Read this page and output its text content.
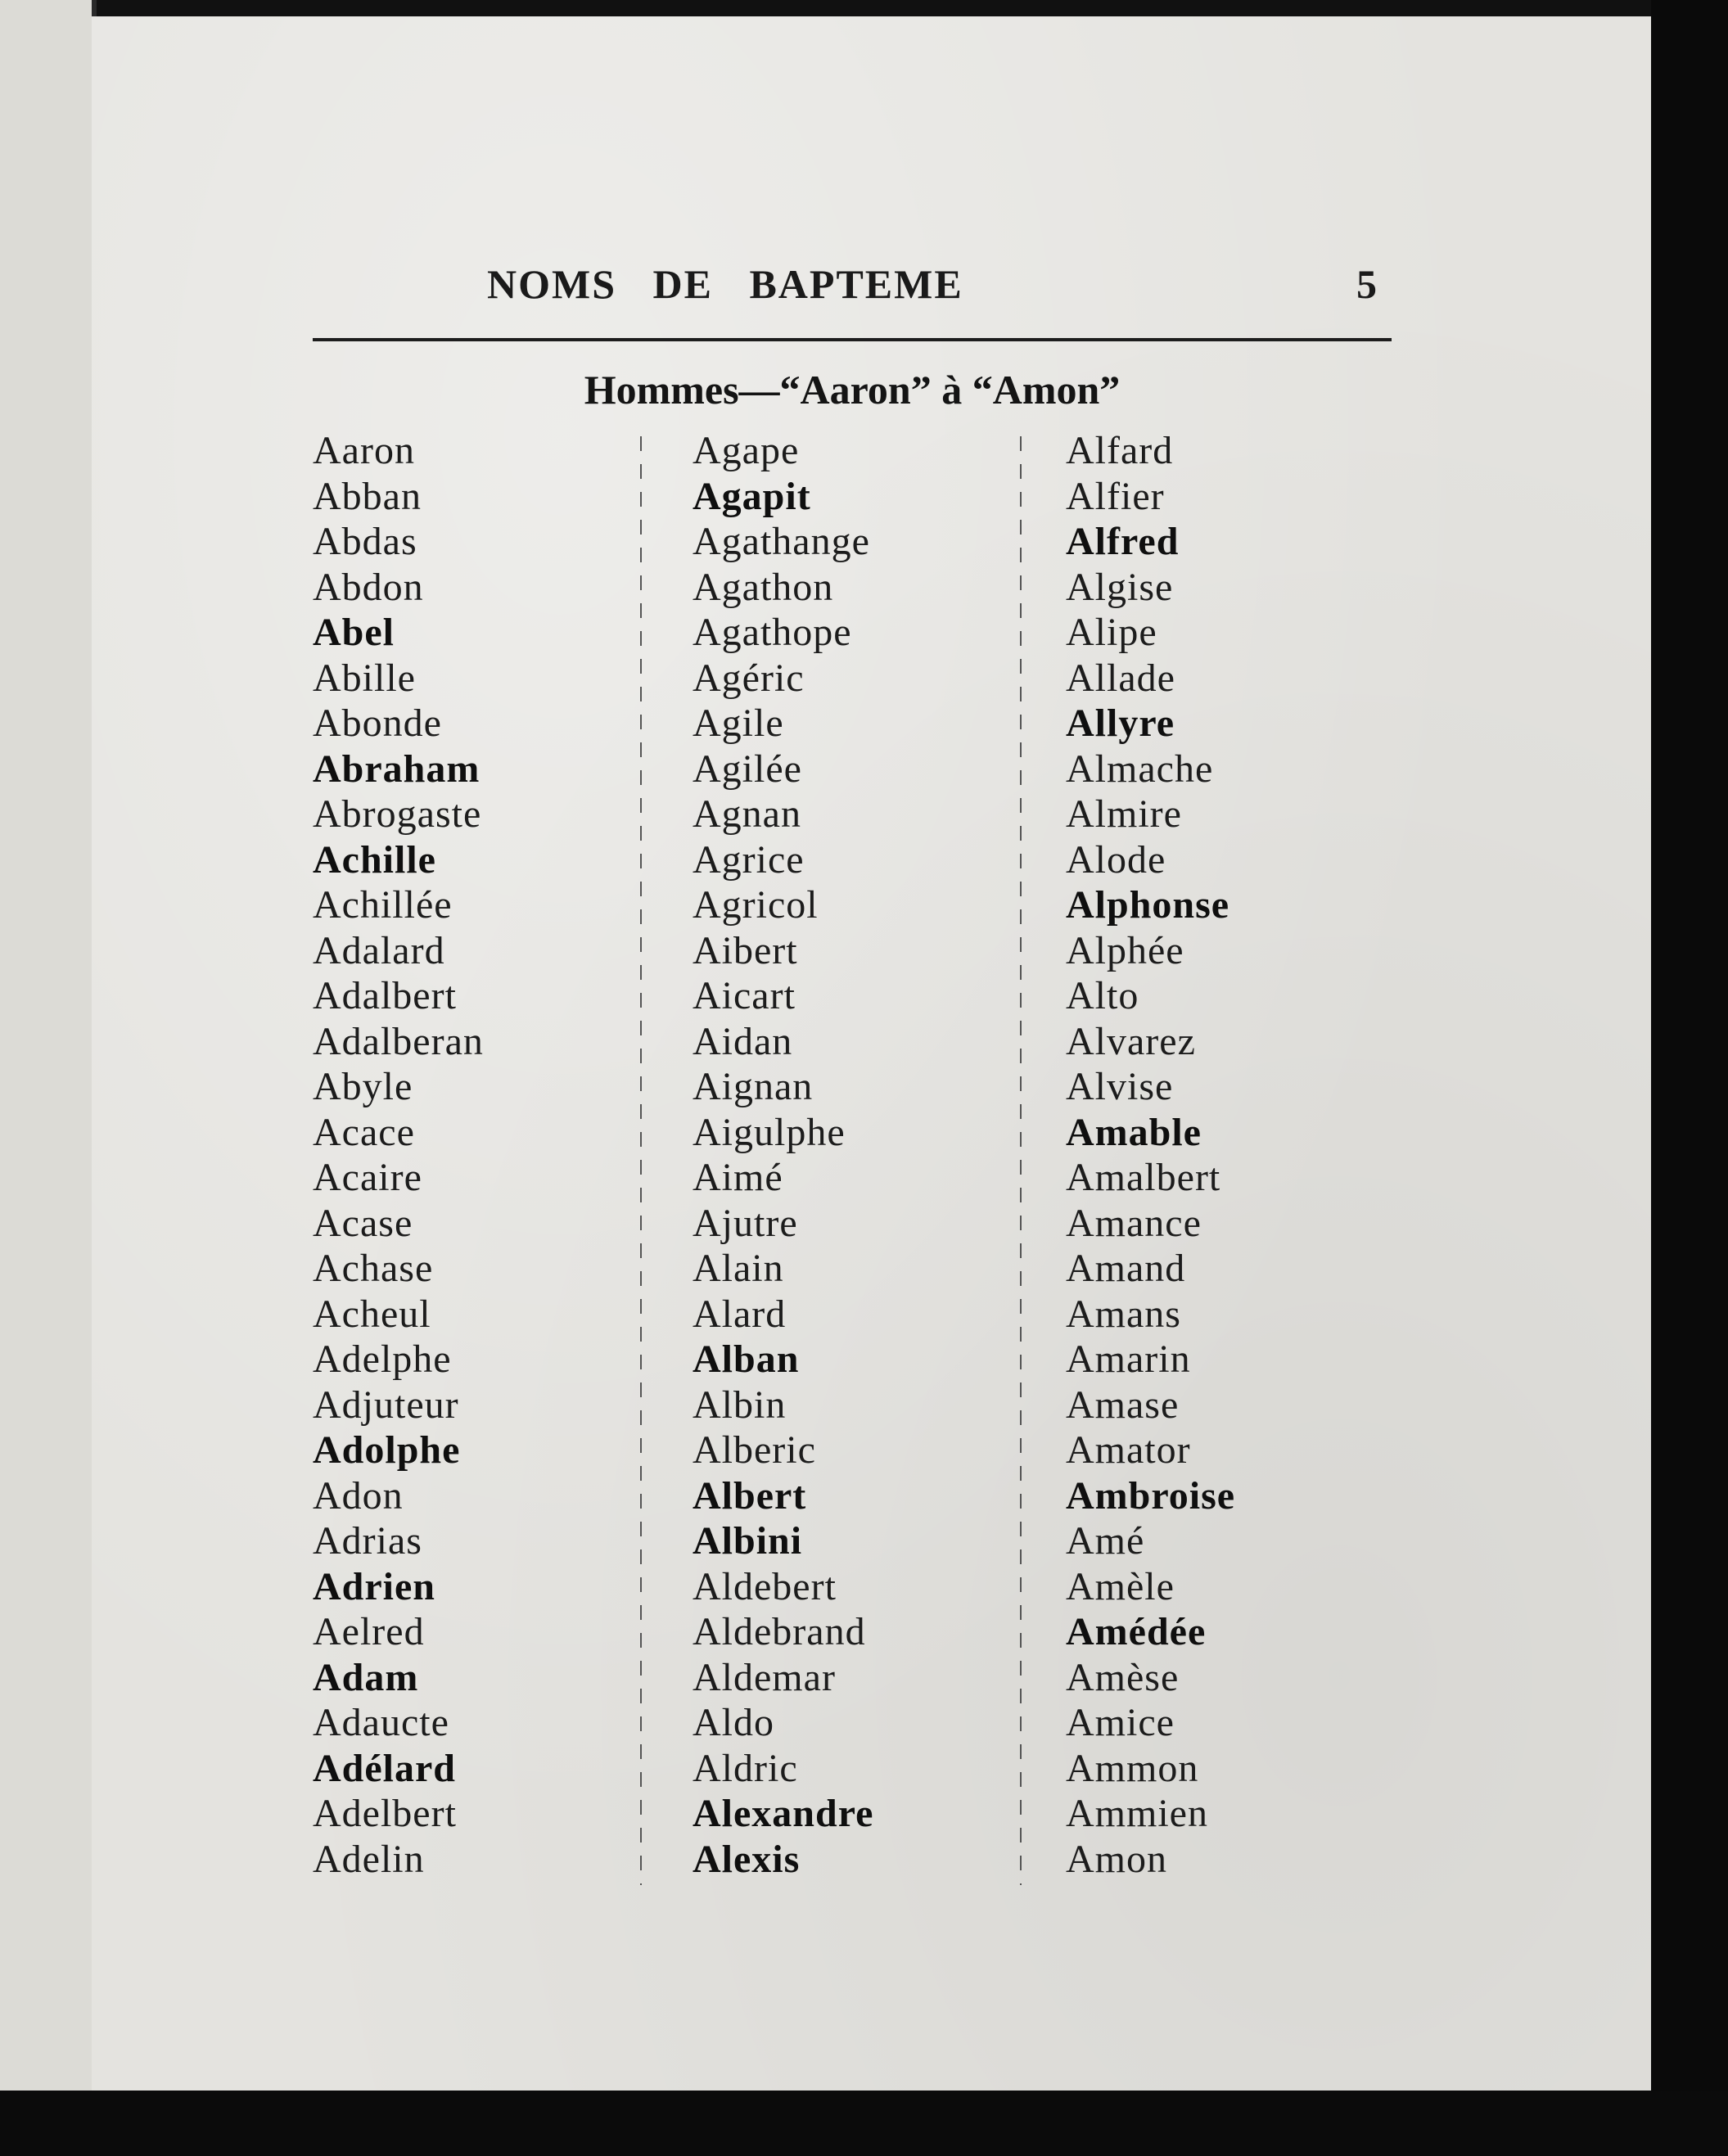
NOMS DE BAPTEME	5
Hommes—“Aaron” à “Amon”
Aaron
Abban
Abdas
Abdon
Abel
Abille
Abonde
Abraham
Abrogaste
Achille
Achillée
Adalard
Adalbert
Adalberan
Abyle
Acace
Acaire
Acase
Achase
Acheul
Adelphe
Adjuteur
Adolphe
Adon
Adrias
Adrien
Aelred
Adam
Adaucte
Adélard
Adelbert
Adelin
Agape
Agapit
Agathange
Agathon
Agathope
Agéric
Agile
Agilée
Agnan
Agrice
Agricol
Aibert
Aicart
Aidan
Aignan
Aigulphe
Aimé
Ajutre
Alain
Alard
Alban
Albin
Alberic
Albert
Albini
Aldebert
Aldebrand
Aldemar
Aldo
Aldric
Alexandre
Alexis
Alfard
Alfier
Alfred
Algise
Alipe
Allade
Allyre
Almache
Almire
Alode
Alphonse
Alphée
Alto
Alvarez
Alvise
Amable
Amalbert
Amance
Amand
Amans
Amarin
Amase
Amator
Ambroise
Amé
Amèle
Amédée
Amèse
Amice
Ammon
Ammien
Amon
